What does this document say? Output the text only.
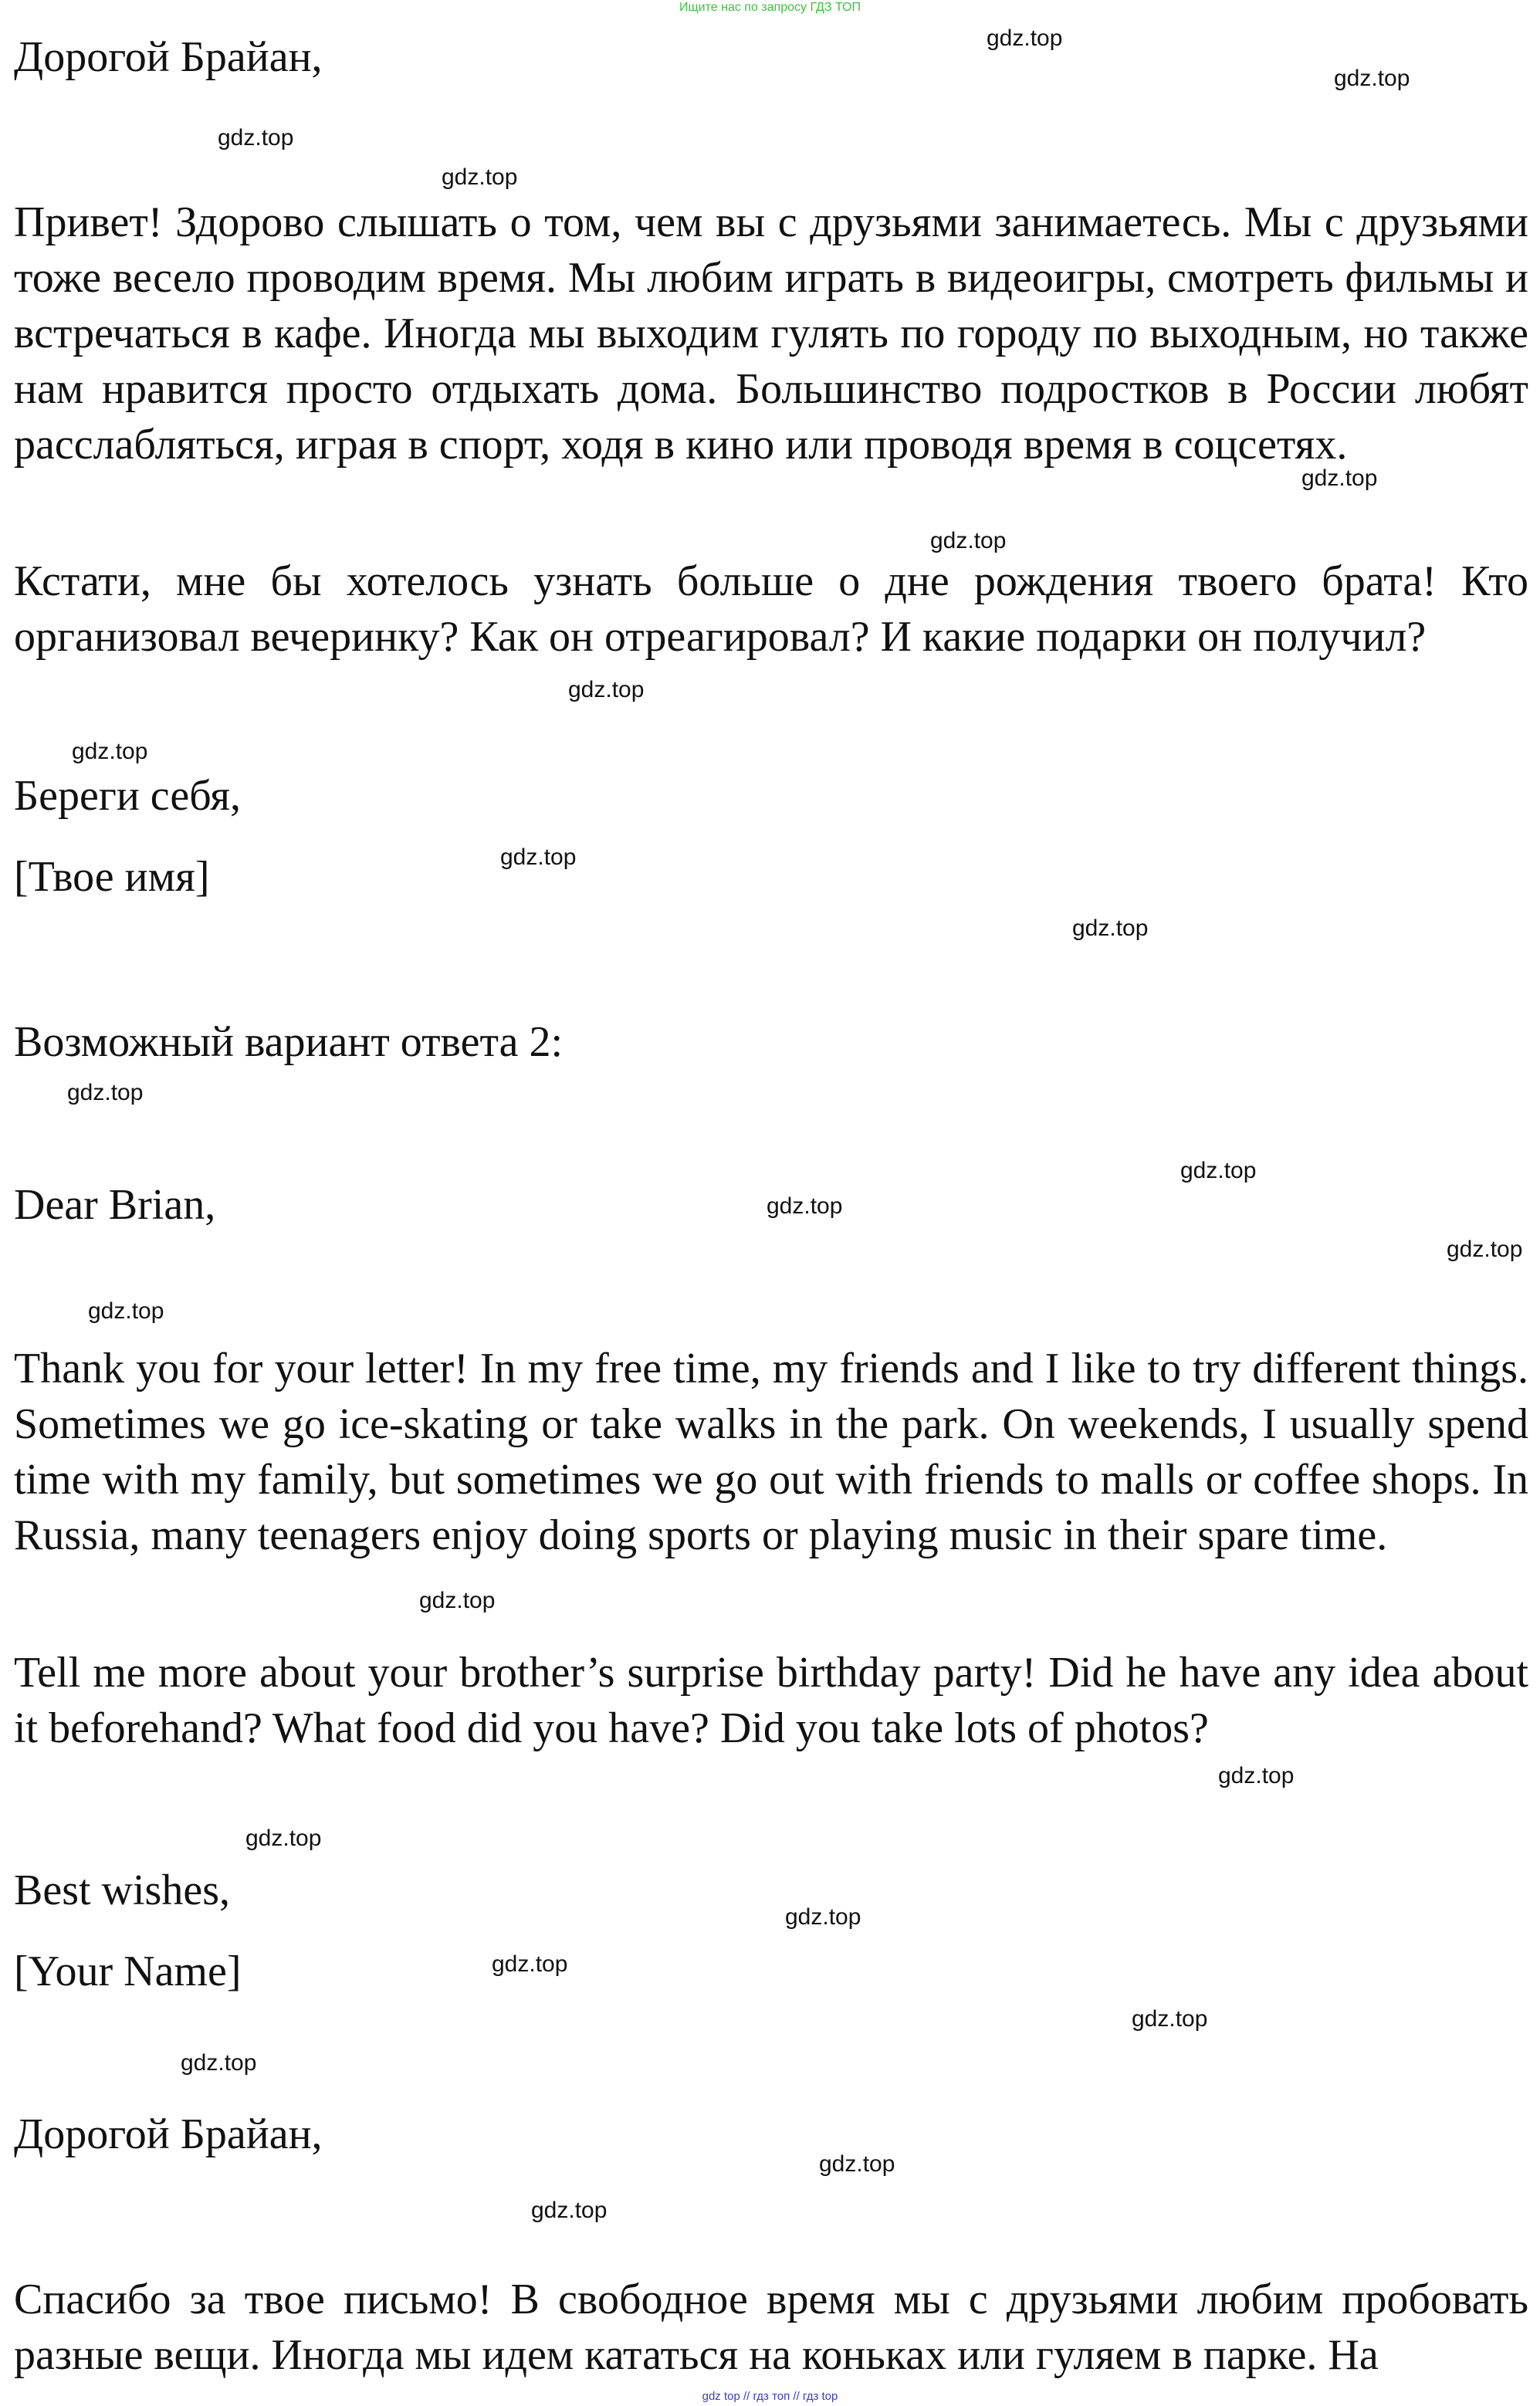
Ищите нас по запросу ГДЗ ТОП
Дорогой Брайан,
Привет! Здорово слышать о том, чем вы с друзьями занимаетесь. Мы с друзьями тоже весело проводим время. Мы любим играть в видеоигры, смотреть фильмы и встречаться в кафе. Иногда мы выходим гулять по городу по выходным, но также нам нравится просто отдыхать дома. Большинство подростков в России любят расслабляться, играя в спорт, ходя в кино или проводя время в соцсетях.
Кстати, мне бы хотелось узнать больше о дне рождения твоего брата! Кто организовал вечеринку? Как он отреагировал? И какие подарки он получил?
Береги себя,
[Твое имя]
Возможный вариант ответа 2:
Dear Brian,
Thank you for your letter! In my free time, my friends and I like to try different things. Sometimes we go ice-skating or take walks in the park. On weekends, I usually spend time with my family, but sometimes we go out with friends to malls or coffee shops. In Russia, many teenagers enjoy doing sports or playing music in their spare time.
Tell me more about your brother’s surprise birthday party! Did he have any idea about it beforehand? What food did you have? Did you take lots of photos?
Best wishes,
[Your Name]
Дорогой Брайан,
Спасибо за твое письмо! В свободное время мы с друзьями любим пробовать разные вещи. Иногда мы идем кататься на коньках или гуляем в парке. На
gdz.top
gdz.top
gdz.top
gdz.top
gdz.top
gdz.top
gdz.top
gdz.top
gdz.top
gdz.top
gdz.top
gdz.top
gdz.top
gdz.top
gdz.top
gdz.top
gdz.top
gdz.top
gdz.top
gdz.top
gdz.top
gdz.top
gdz.top
gdz.top
gdz top // гдз топ // гдз top
